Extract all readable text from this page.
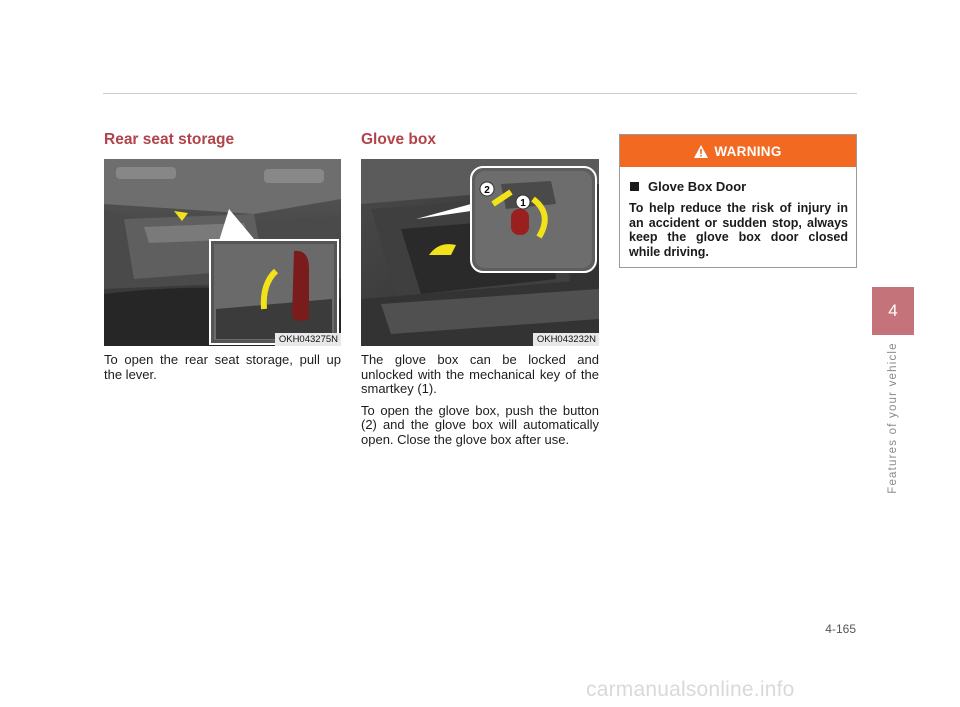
Rear seat storage
OKH043275N

To open the rear seat storage, pull up the lever.

Glove box
2
1
OKH043232N

The glove box can be locked and unlocked with the mechanical key of the smartkey (1).

To open the glove box, push the button (2) and the glove box will automatically open. Close the glove box after use.

WARNING
Glove Box Door
To help reduce the risk of injury in an accident or sudden stop, always keep the glove box door closed while driving.
4
Features of your vehicle
4-165
carmanualsonline.info
